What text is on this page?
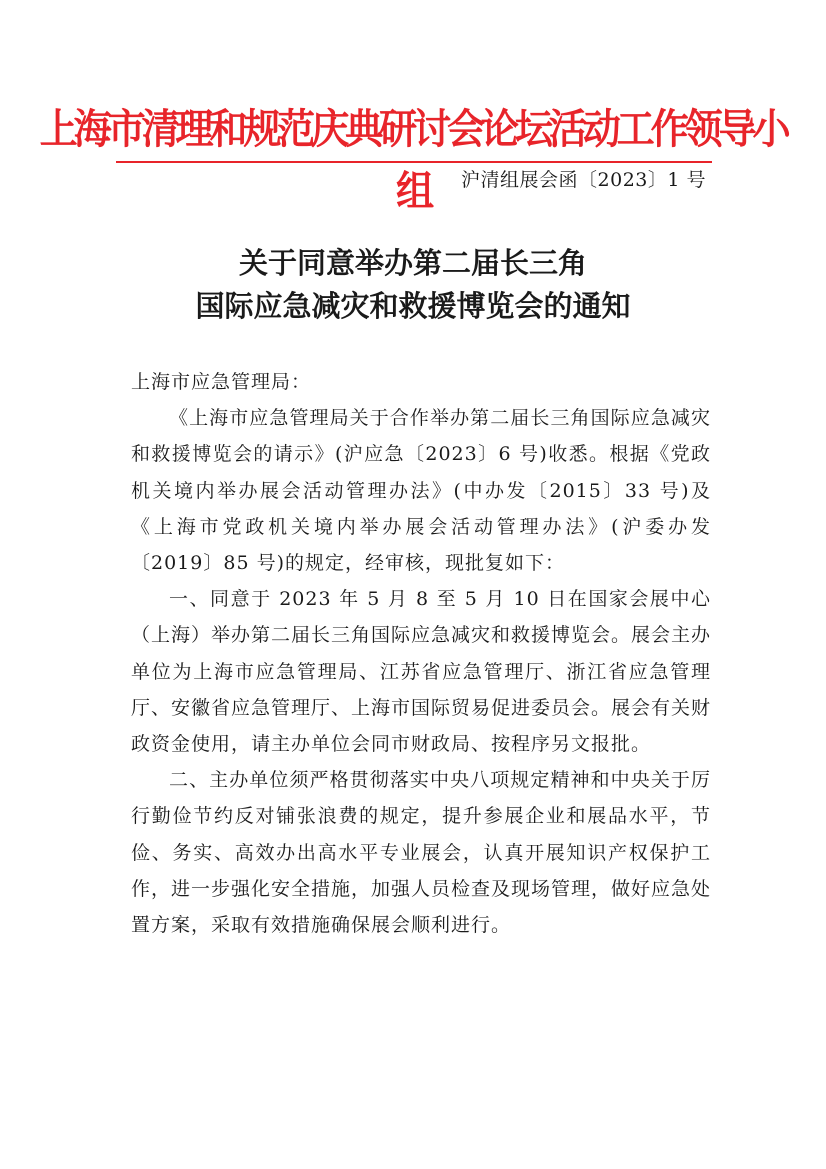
上海市清理和规范庆典研讨会论坛活动工作领导小组	沪清组展会函〔2023〕1 号
关于同意举办第二届长三角
国际应急减灾和救援博览会的通知

上海市应急管理局：

《上海市应急管理局关于合作举办第二届长三角国际应急减灾和救援博览会的请示》(沪应急〔2023〕6 号)收悉。根据《党政机关境内举办展会活动管理办法》(中办发〔2015〕33 号)及《上海市党政机关境内举办展会活动管理办法》(沪委办发〔2019〕85 号)的规定，经审核，现批复如下：

一、同意于 2023 年 5 月 8 至 5 月 10 日在国家会展中心（上海）举办第二届长三角国际应急减灾和救援博览会。展会主办单位为上海市应急管理局、江苏省应急管理厅、浙江省应急管理厅、安徽省应急管理厅、上海市国际贸易促进委员会。展会有关财政资金使用，请主办单位会同市财政局、按程序另文报批。

二、主办单位须严格贯彻落实中央八项规定精神和中央关于厉行勤俭节约反对铺张浪费的规定，提升参展企业和展品水平，节俭、务实、高效办出高水平专业展会，认真开展知识产权保护工作，进一步强化安全措施，加强人员检查及现场管理，做好应急处置方案，采取有效措施确保展会顺利进行。
